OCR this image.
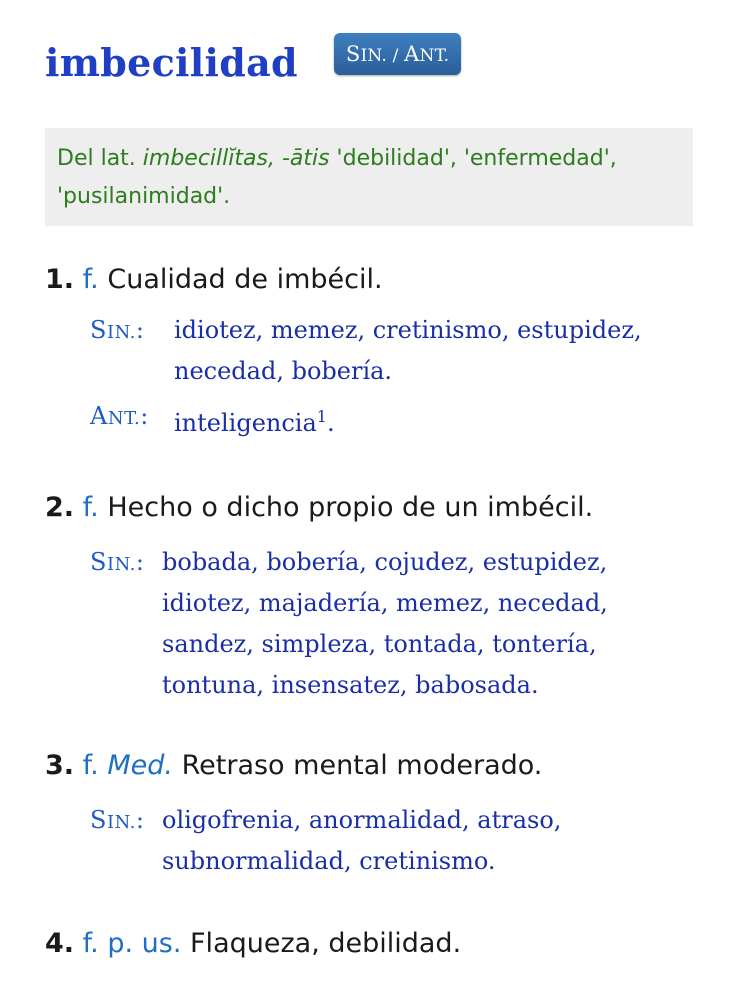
imbecilidad	SIN. / ANT.
Del lat. imbecillĭtas, -ātis 'debilidad', 'enfermedad', 'pusilanimidad'.
1. f. Cualidad de imbécil.
SIN.:	idiotez, memez, cretinismo, estupidez, necedad, bobería.
ANT.:	inteligencia$^1$.
2. f. Hecho o dicho propio de un imbécil.
SIN.: bobada, bobería, cojudez, estupidez, idiotez, majadería, memez, necedad, sandez, simpleza, tontada, tontería, tontuna, insensatez, babosada.
3. f. Med. Retraso mental moderado.
SIN.: oligofrenia, anormalidad, atraso, subnormalidad, cretinismo.
4. f. p. us. Flaqueza, debilidad.
